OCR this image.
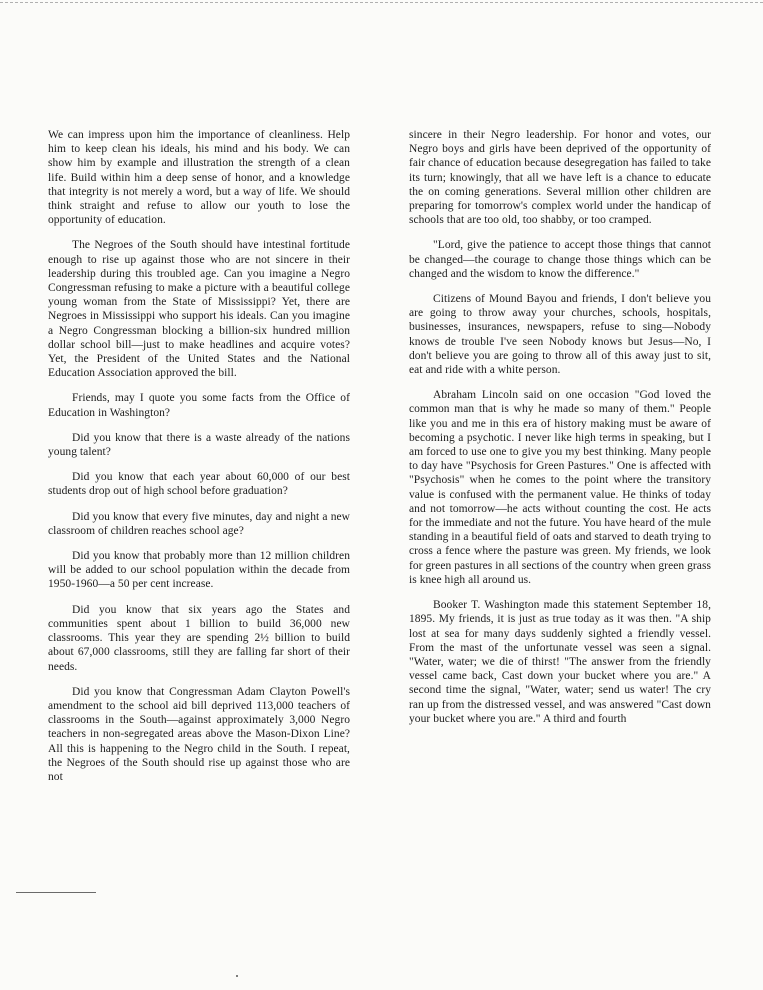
We can impress upon him the importance of cleanliness. Help him to keep clean his ideals, his mind and his body. We can show him by example and illustration the strength of a clean life. Build within him a deep sense of honor, and a knowledge that integrity is not merely a word, but a way of life. We should think straight and refuse to allow our youth to lose the opportunity of education.

The Negroes of the South should have intestinal fortitude enough to rise up against those who are not sincere in their leadership during this troubled age. Can you imagine a Negro Congressman refusing to make a picture with a beautiful college young woman from the State of Mississippi? Yet, there are Negroes in Mississippi who support his ideals. Can you imagine a Negro Congressman blocking a billion-six hundred million dollar school bill—just to make headlines and acquire votes? Yet, the President of the United States and the National Education Association approved the bill.

Friends, may I quote you some facts from the Office of Education in Washington?

Did you know that there is a waste already of the nations young talent?

Did you know that each year about 60,000 of our best students drop out of high school before graduation?

Did you know that every five minutes, day and night a new classroom of children reaches school age?

Did you know that probably more than 12 million children will be added to our school population within the decade from 1950-1960—a 50 per cent increase.

Did you know that six years ago the States and communities spent about 1 billion to build 36,000 new classrooms. This year they are spending 2½ billion to build about 67,000 classrooms, still they are falling far short of their needs.

Did you know that Congressman Adam Clayton Powell's amendment to the school aid bill deprived 113,000 teachers of classrooms in the South—against approximately 3,000 Negro teachers in non-segregated areas above the Mason-Dixon Line? All this is happening to the Negro child in the South. I repeat, the Negroes of the South should rise up against those who are not

sincere in their Negro leadership. For honor and votes, our Negro boys and girls have been deprived of the opportunity of fair chance of education because desegregation has failed to take its turn; knowingly, that all we have left is a chance to educate the on coming generations. Several million other children are preparing for tomorrow's complex world under the handicap of schools that are too old, too shabby, or too cramped.

"Lord, give the patience to accept those things that cannot be changed—the courage to change those things which can be changed and the wisdom to know the difference."

Citizens of Mound Bayou and friends, I don't believe you are going to throw away your churches, schools, hospitals, businesses, insurances, newspapers, refuse to sing—Nobody knows de trouble I've seen Nobody knows but Jesus—No, I don't believe you are going to throw all of this away just to sit, eat and ride with a white person.

Abraham Lincoln said on one occasion "God loved the common man that is why he made so many of them." People like you and me in this era of history making must be aware of becoming a psychotic. I never like high terms in speaking, but I am forced to use one to give you my best thinking. Many people to day have "Psychosis for Green Pastures." One is affected with "Psychosis" when he comes to the point where the transitory value is confused with the permanent value. He thinks of today and not tomorrow—he acts without counting the cost. He acts for the immediate and not the future. You have heard of the mule standing in a beautiful field of oats and starved to death trying to cross a fence where the pasture was green. My friends, we look for green pastures in all sections of the country when green grass is knee high all around us.

Booker T. Washington made this statement September 18, 1895. My friends, it is just as true today as it was then. "A ship lost at sea for many days suddenly sighted a friendly vessel. From the mast of the unfortunate vessel was seen a signal. "Water, water; we die of thirst! "The answer from the friendly vessel came back, Cast down your bucket where you are." A second time the signal, "Water, water; send us water! The cry ran up from the distressed vessel, and was answered "Cast down your bucket where you are." A third and fourth
